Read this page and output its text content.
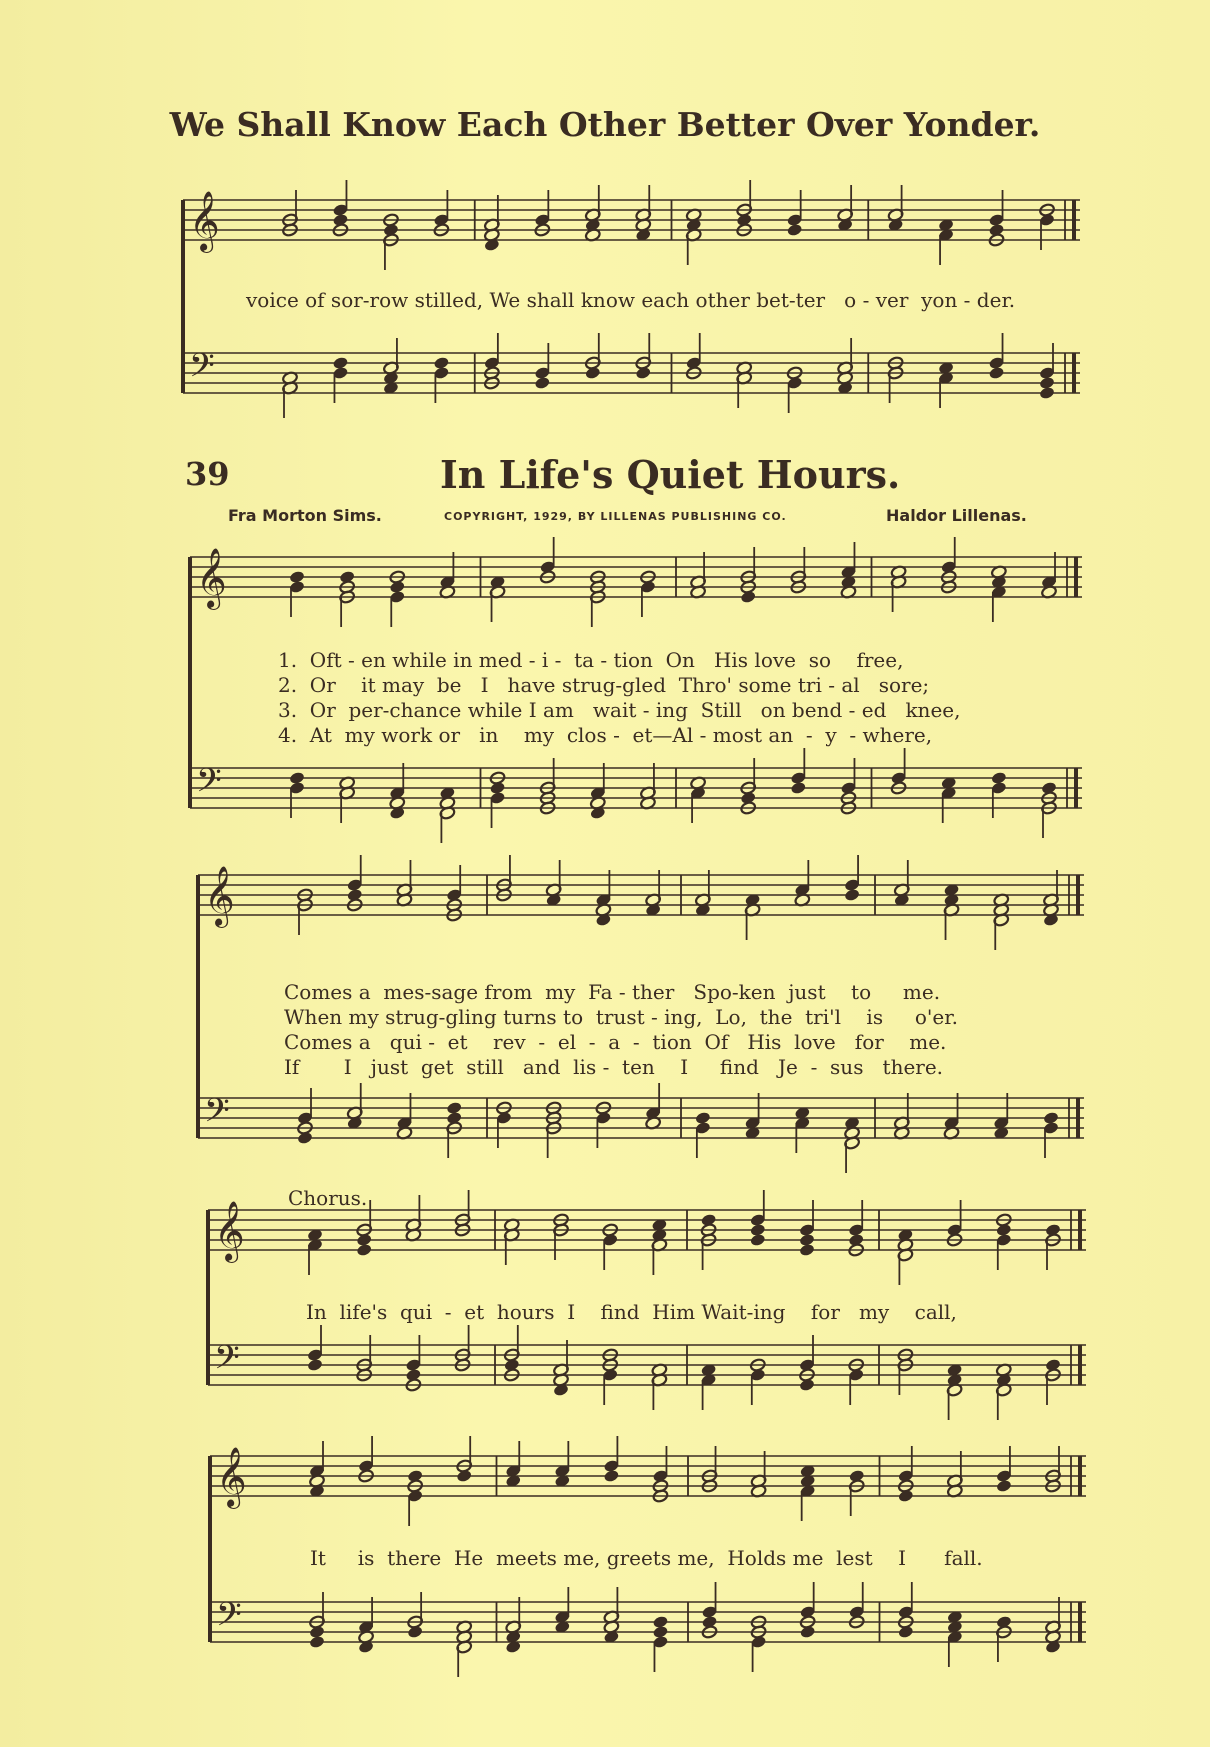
𝄞
𝄢
𝄞
𝄢
𝄞
𝄢
𝄞
𝄢
𝄞
𝄢
We Shall Know Each Other Better Over Yonder.
voice of sor-row stilled, We shall know each other bet-ter   o - ver  yon - der.
39	In Life's Quiet Hours.
Fra Morton Sims.	COPYRIGHT, 1929, BY LILLENAS PUBLISHING CO.	Haldor Lillenas.
1.  Oft - en while in med - i -  ta - tion  On   His love  so    free,
2.  Or    it may  be   I   have strug-gled  Thro' some tri - al   sore;
3.  Or  per-chance while I am   wait - ing  Still   on bend - ed   knee,
4.  At  my work or   in    my  clos -  et—Al - most an  -  y  - where,
Comes a  mes-sage from  my  Fa - ther   Spo-ken  just    to     me.
When my strug-gling turns to  trust - ing,  Lo,  the  tri'l    is     o'er.
Comes a   qui -  et    rev  -  el  -  a  -  tion  Of   His  love   for    me.
If       I   just  get  still   and  lis -  ten    I     find   Je  -  sus   there.
Chorus.
In  life's  qui  -  et  hours  I    find  Him Wait-ing    for   my    call,
It     is  there  He  meets me, greets me,  Holds me  lest    I      fall.
